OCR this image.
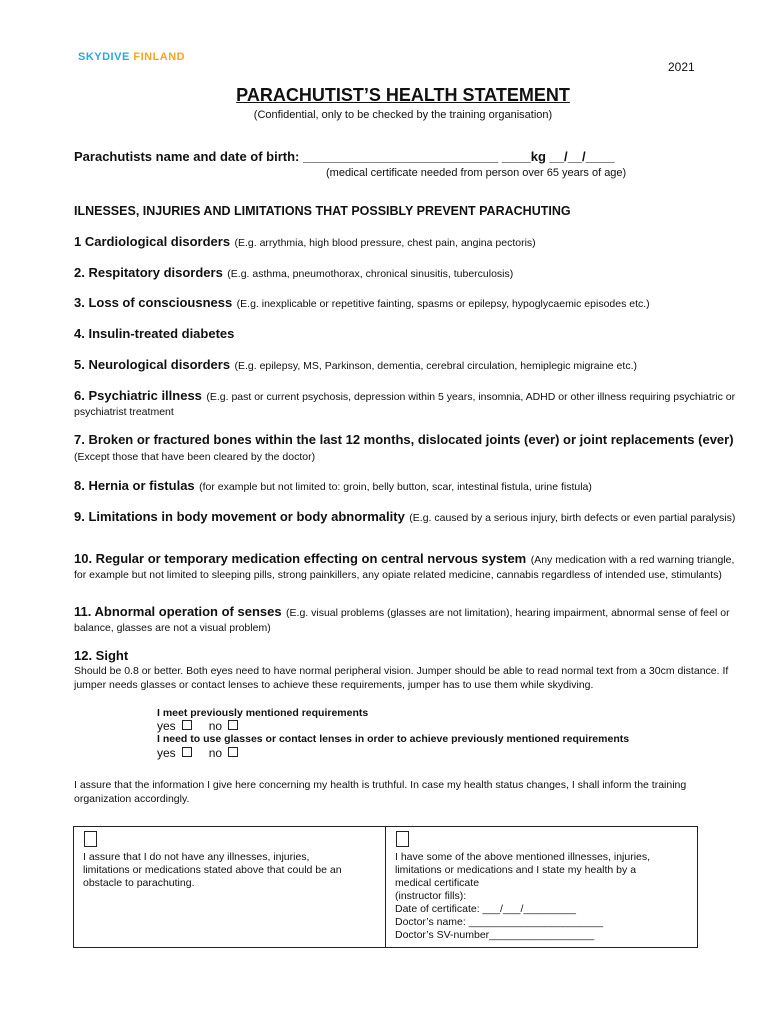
SKYDIVE FINLAND
2021
PARACHUTIST’S HEALTH STATEMENT
(Confidential, only to be checked by the training organisation)
Parachutists name and date of birth: ___________________________ ____kg __/__/____
(medical certificate needed from person over 65 years of age)
ILNESSES, INJURIES AND LIMITATIONS THAT POSSIBLY PREVENT PARACHUTING
1 Cardiological disorders (E.g. arrythmia, high blood pressure, chest pain, angina pectoris)
2. Respitatory disorders (E.g. asthma, pneumothorax, chronical sinusitis, tuberculosis)
3. Loss of consciousness (E.g. inexplicable or repetitive fainting, spasms or epilepsy, hypoglycaemic episodes etc.)
4. Insulin-treated diabetes
5. Neurological disorders (E.g. epilepsy, MS, Parkinson, dementia, cerebral circulation, hemiplegic migraine etc.)
6. Psychiatric illness (E.g. past or current psychosis, depression within 5 years, insomnia, ADHD or other illness requiring psychiatric or psychiatrist treatment
7. Broken or fractured bones within the last 12 months, dislocated joints (ever) or joint replacements (ever) (Except those that have been cleared by the doctor)
8. Hernia or fistulas (for example but not limited to: groin, belly button, scar, intestinal fistula, urine fistula)
9. Limitations in body movement or body abnormality (E.g. caused by a serious injury, birth defects or even partial paralysis)
10. Regular or temporary medication effecting on central nervous system (Any medication with a red warning triangle, for example but not limited to sleeping pills, strong painkillers, any opiate related medicine, cannabis regardless of intended use, stimulants)
11. Abnormal operation of senses (E.g. visual problems (glasses are not limitation), hearing impairment, abnormal sense of feel or balance, glasses are not a visual problem)
12. Sight
Should be 0.8 or better. Both eyes need to have normal peripheral vision. Jumper should be able to read normal text from a 30cm distance. If jumper needs glasses or contact lenses to achieve these requirements, jumper has to use them while skydiving.
I meet previously mentioned requirements
yes	no
I need to use glasses or contact lenses in order to achieve previously mentioned requirements
yes	no
I assure that the information I give here concerning my health is truthful. In case my health status changes, I shall inform the training organization accordingly.
I assure that I do not have any illnesses, injuries,
limitations or medications stated above that could be an
obstacle to parachuting.
I have some of the above mentioned illnesses, injuries,
limitations or medications and I state my health by a
medical certificate
(instructor fills):
Date of certificate: ___/___/_________
Doctor’s name: _______________________
Doctor’s SV-number__________________
